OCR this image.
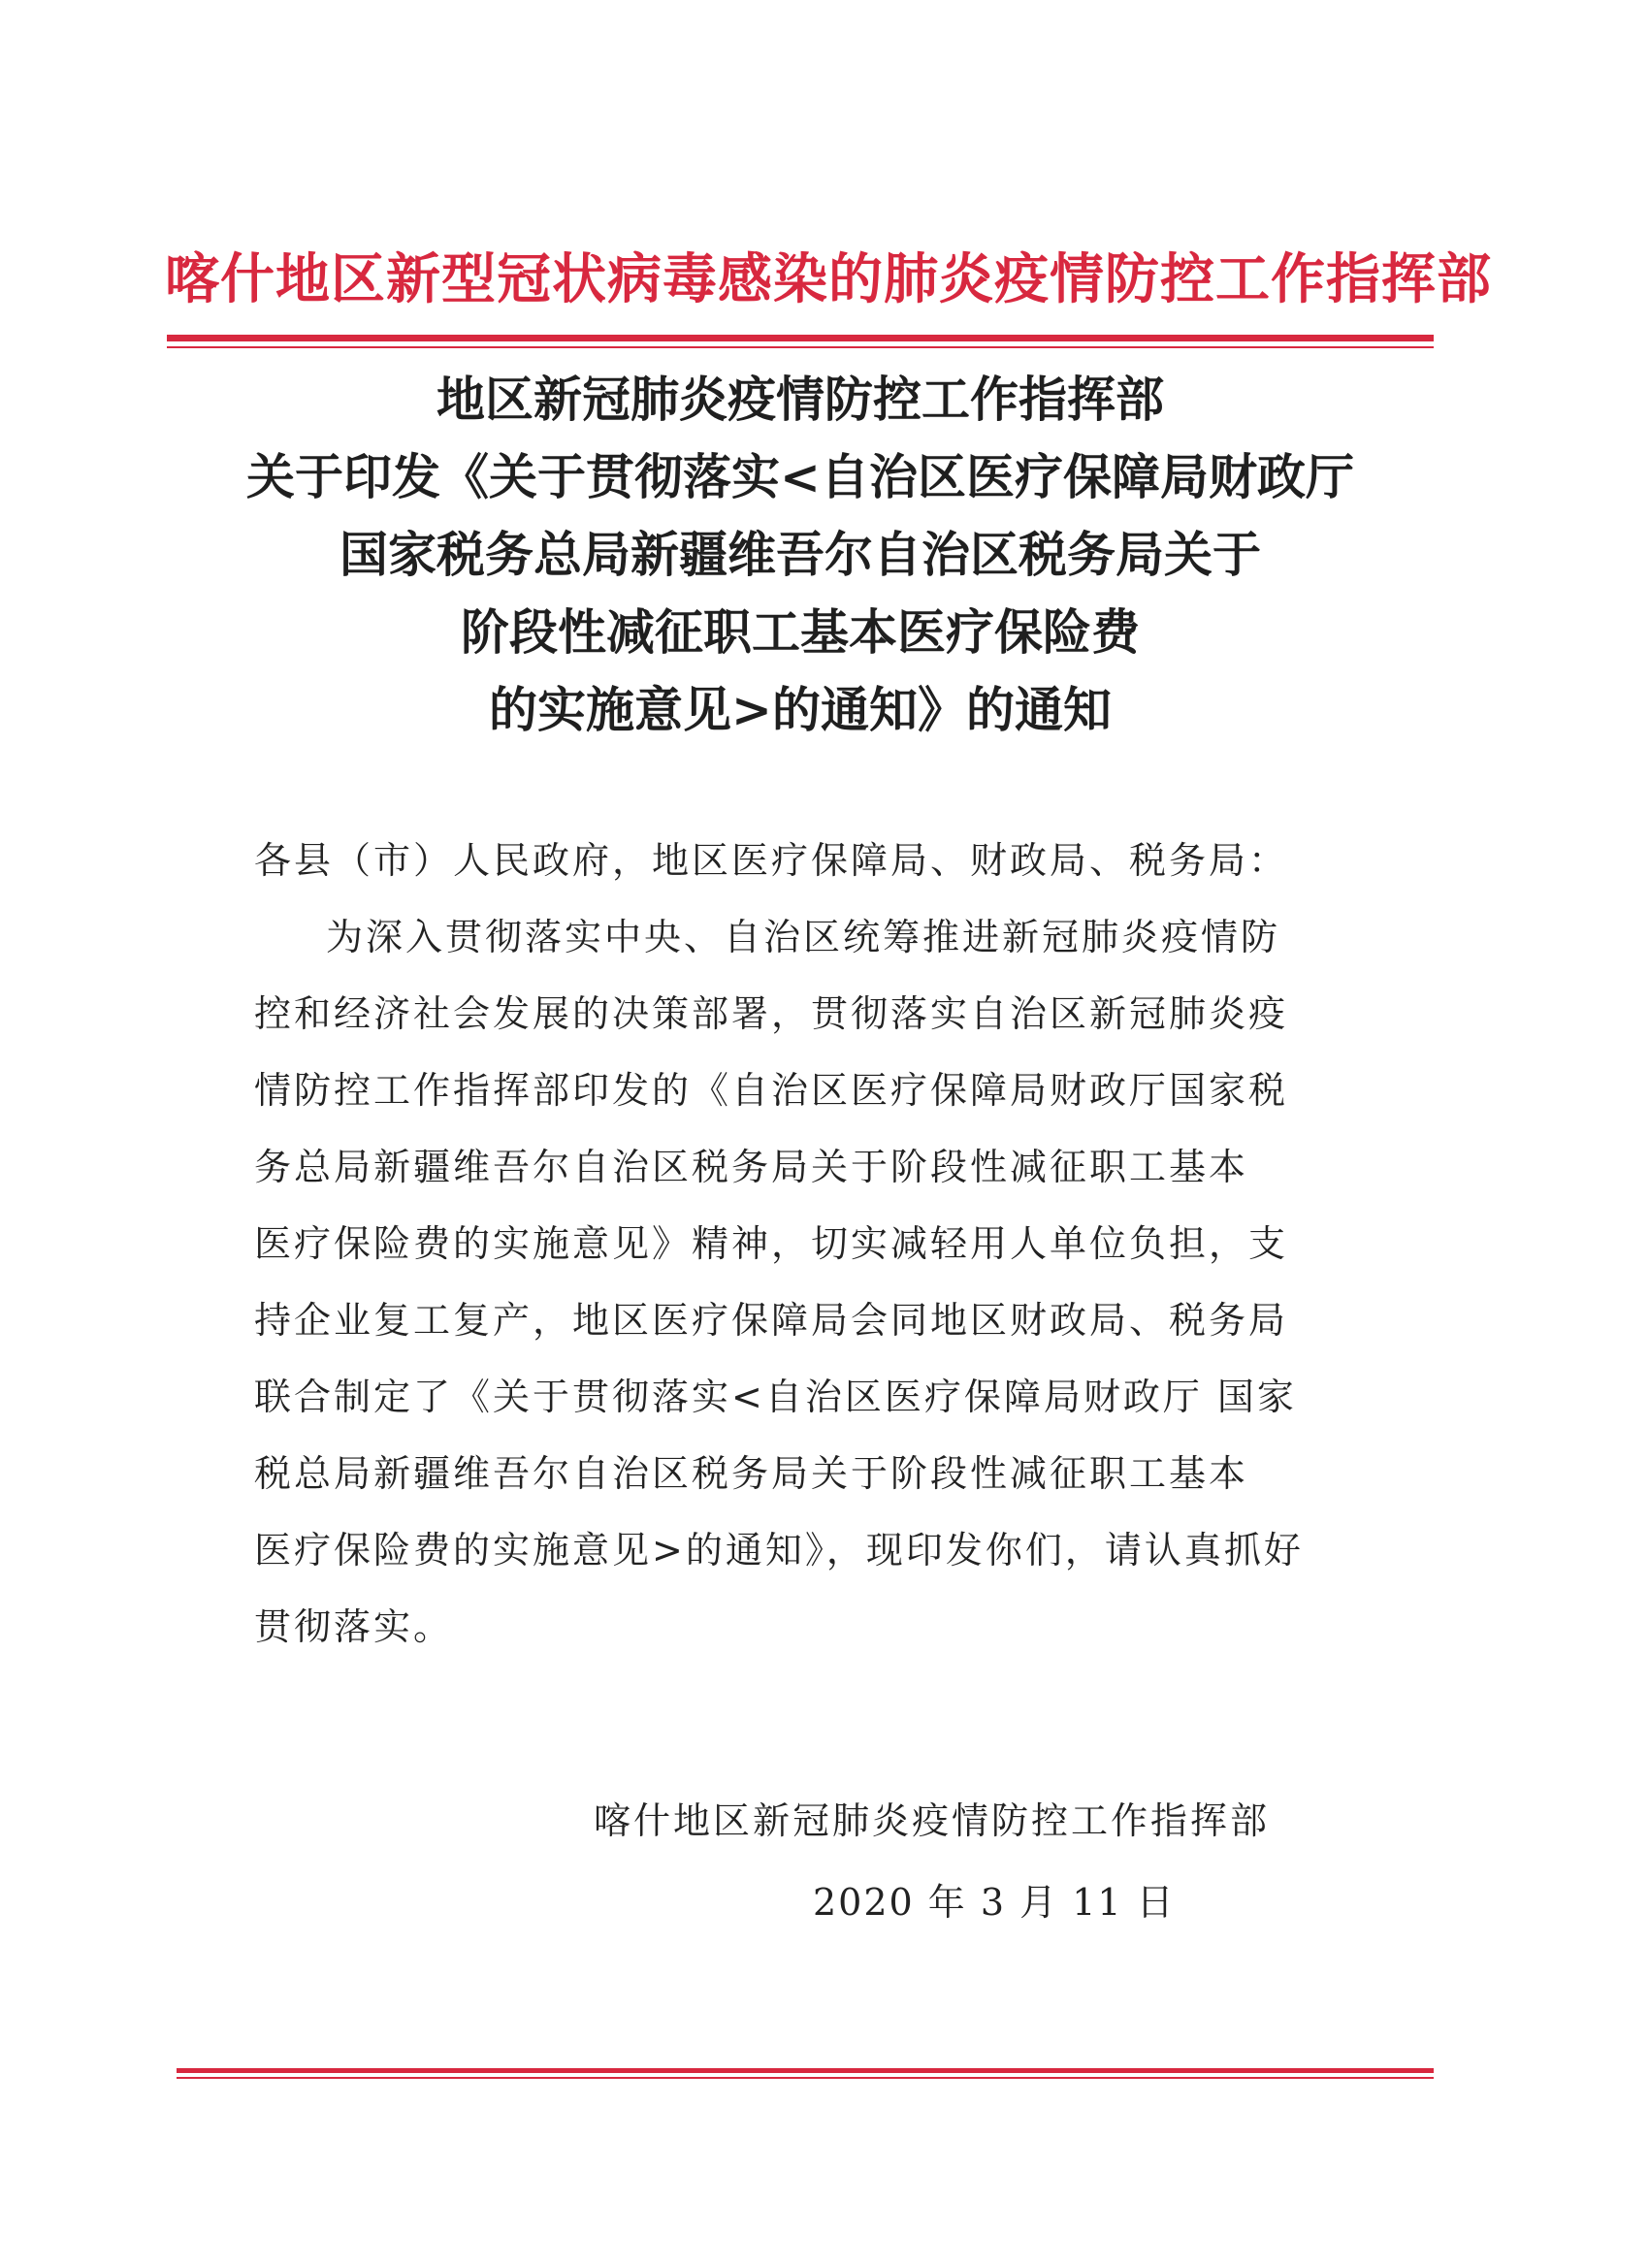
喀什地区新型冠状病毒感染的肺炎疫情防控工作指挥部
地区新冠肺炎疫情防控工作指挥部
关于印发《关于贯彻落实<自治区医疗保障局财政厅
国家税务总局新疆维吾尔自治区税务局关于
阶段性减征职工基本医疗保险费
的实施意见>的通知》的通知
各县（市）人民政府，地区医疗保障局、财政局、税务局：
为深入贯彻落实中央、自治区统筹推进新冠肺炎疫情防
控和经济社会发展的决策部署，贯彻落实自治区新冠肺炎疫
情防控工作指挥部印发的《自治区医疗保障局财政厅国家税
务总局新疆维吾尔自治区税务局关于阶段性减征职工基本
医疗保险费的实施意见》精神，切实减轻用人单位负担，支
持企业复工复产，地区医疗保障局会同地区财政局、税务局
联合制定了《关于贯彻落实<自治区医疗保障局财政厅 国家
税总局新疆维吾尔自治区税务局关于阶段性减征职工基本
医疗保险费的实施意见>的通知》，现印发你们，请认真抓好
贯彻落实。
喀什地区新冠肺炎疫情防控工作指挥部
2020 年 3 月 11 日
